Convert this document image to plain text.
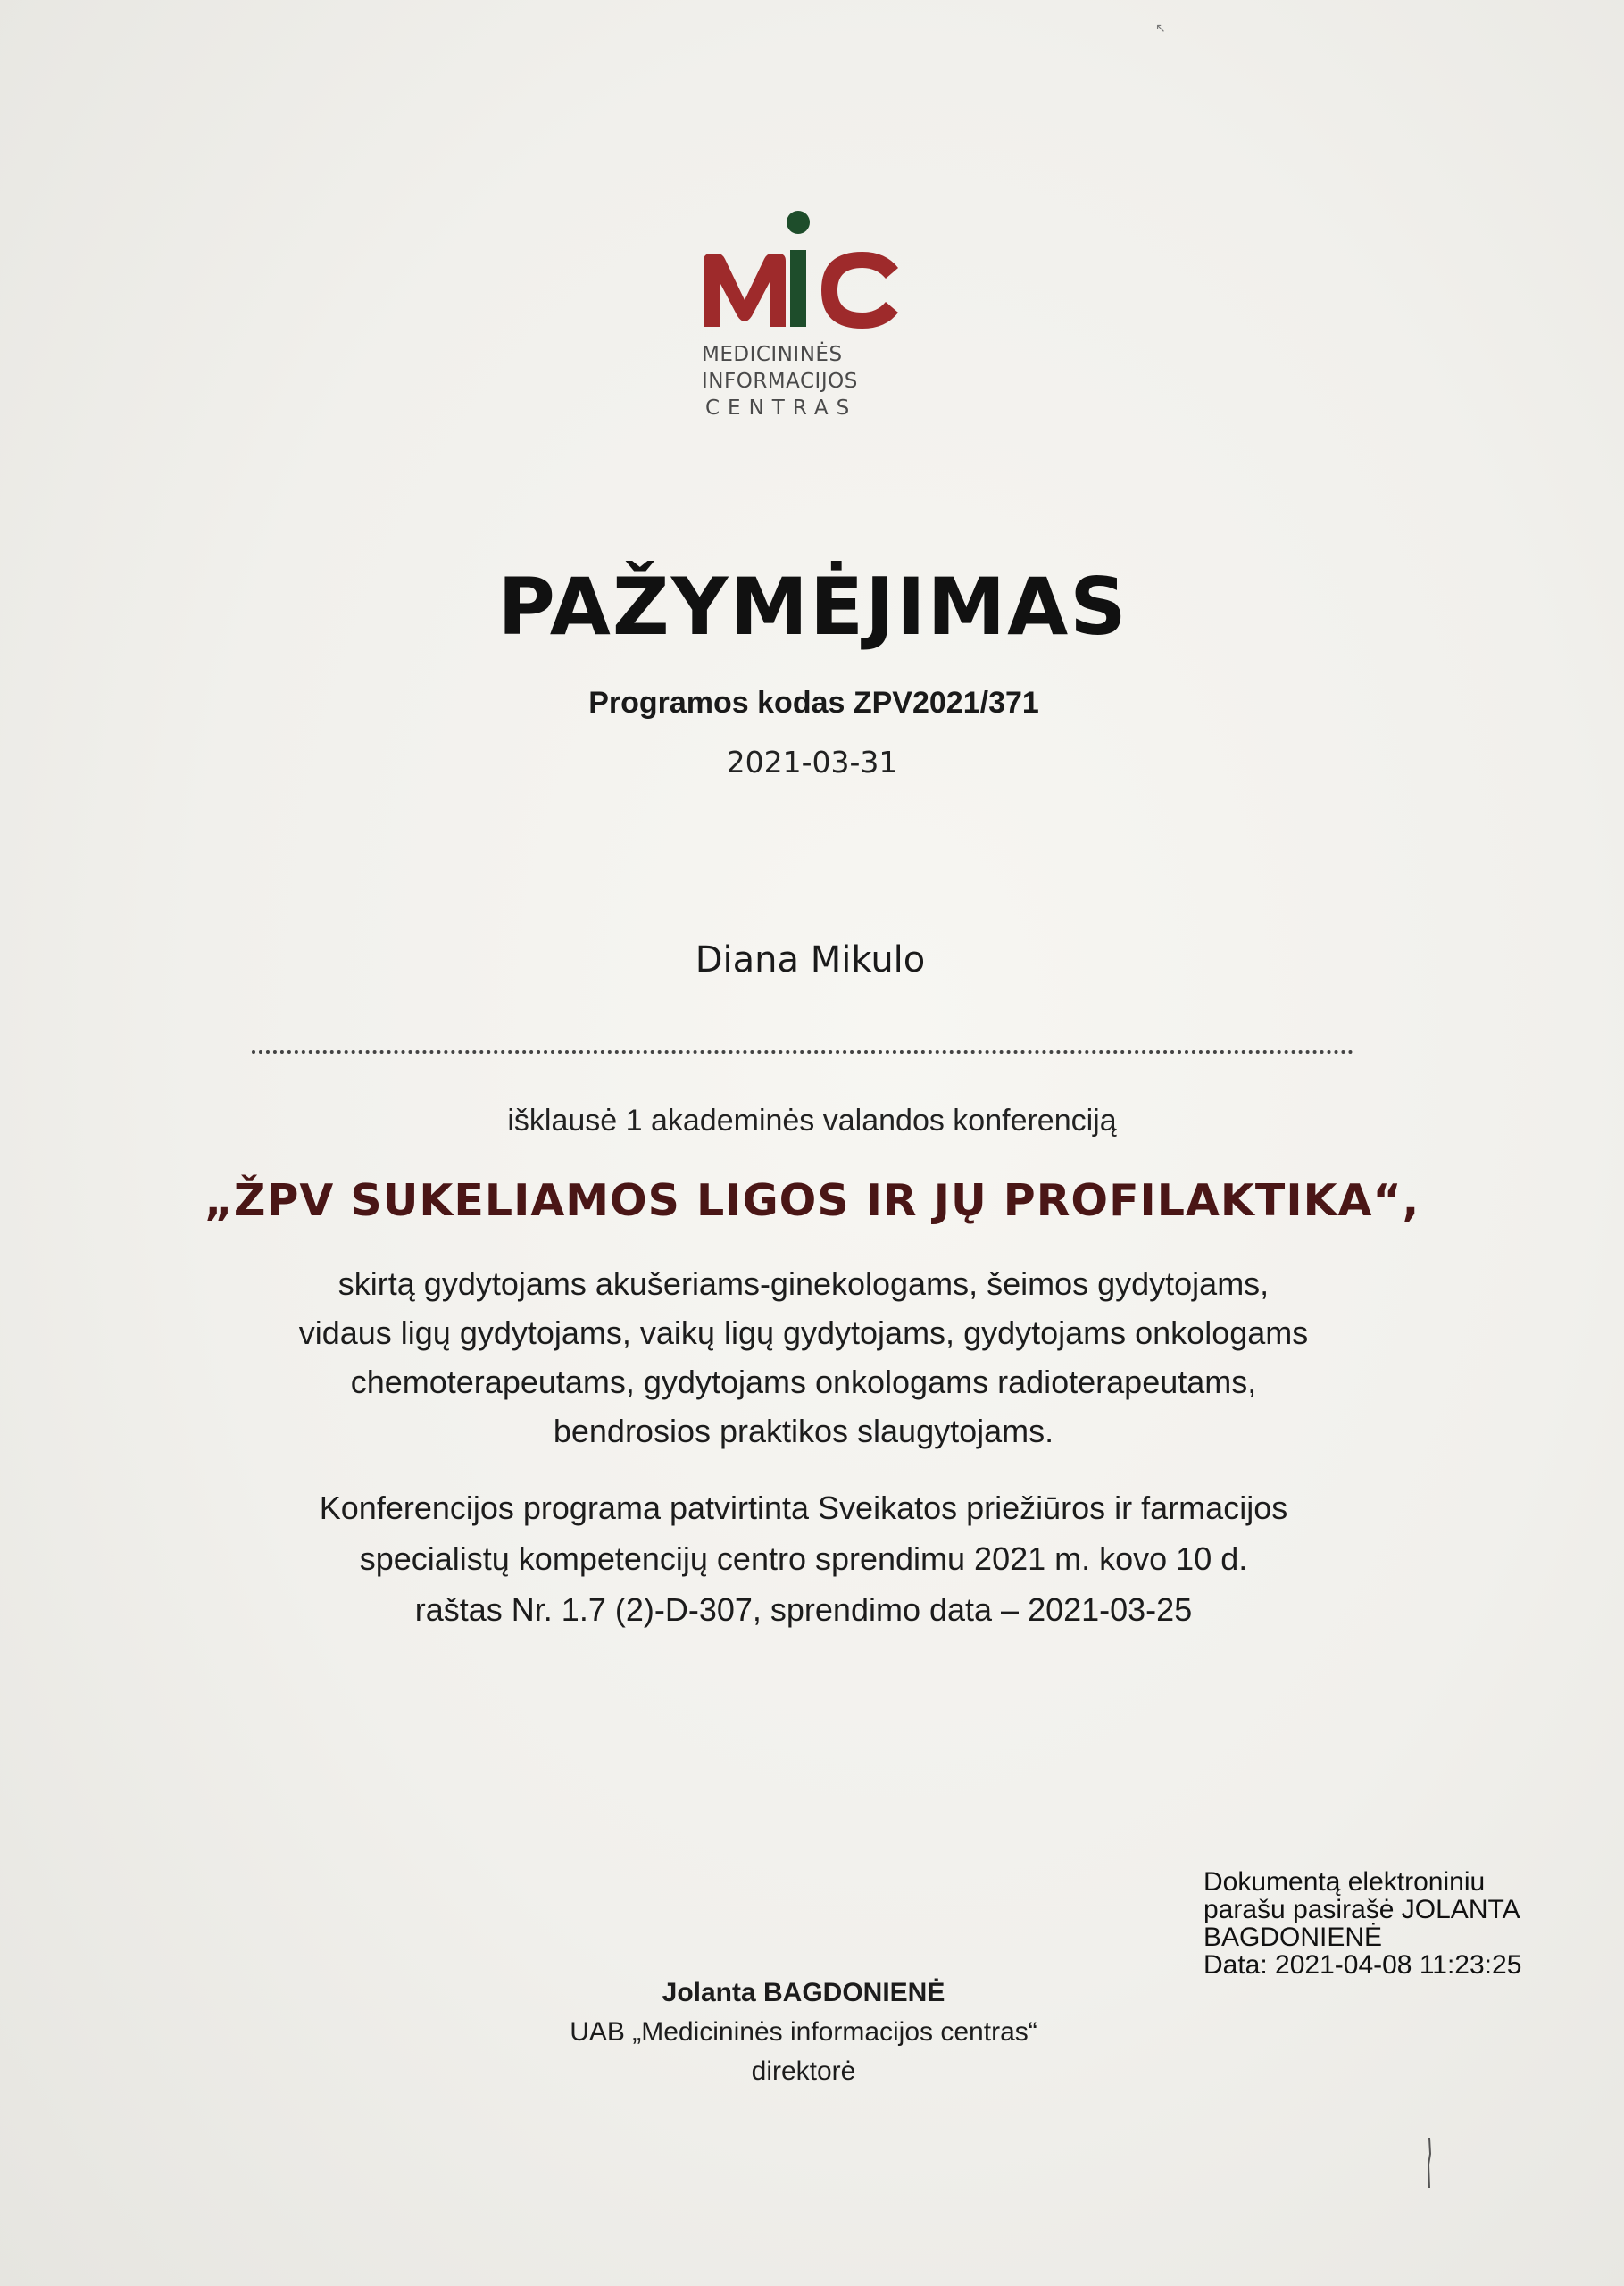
↖
MEDICININĖS
INFORMACIJOS
CENTRAS
PAŽYMĖJIMAS
Programos kodas ZPV2021/371
2021-03-31
Diana Mikulo
išklausė 1 akademinės valandos konferenciją
„ŽPV SUKELIAMOS LIGOS IR JŲ PROFILAKTIKA“,
skirtą gydytojams akušeriams-ginekologams, šeimos gydytojams,
vidaus ligų gydytojams, vaikų ligų gydytojams, gydytojams onkologams
chemoterapeutams, gydytojams onkologams radioterapeutams,
bendrosios praktikos slaugytojams.
Konferencijos programa patvirtinta Sveikatos priežiūros ir farmacijos
specialistų kompetencijų centro sprendimu 2021 m. kovo 10 d.
raštas Nr. 1.7 (2)-D-307, sprendimo data – 2021-03-25
Dokumentą elektroniniu
parašu pasirašė JOLANTA
BAGDONIENĖ
Data: 2021-04-08 11:23:25
Jolanta BAGDONIENĖ
UAB „Medicininės informacijos centras“
direktorė
